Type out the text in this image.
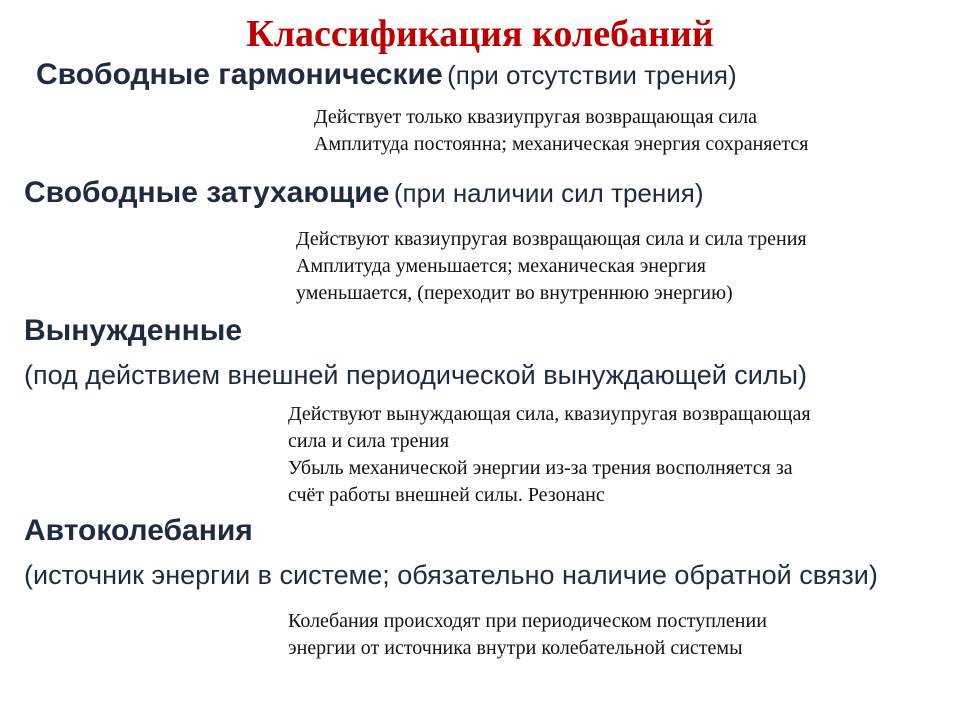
Классификация колебаний
Свободные гармонические (при отсутствии трения)
Действует только квазиупругая возвращающая сила
Амплитуда постоянна; механическая энергия сохраняется
Свободные затухающие (при наличии сил трения)
Действуют квазиупругая возвращающая сила и сила трения
Амплитуда уменьшается; механическая энергия
уменьшается, (переходит во внутреннюю энергию)
Вынужденные
(под действием внешней периодической вынуждающей силы)
Действуют вынуждающая сила, квазиупругая возвращающая
сила и сила трения
Убыль механической энергии из-за трения восполняется за
счёт работы внешней силы. Резонанс
Автоколебания
(источник энергии в системе; обязательно наличие обратной связи)
Колебания происходят при периодическом поступлении
энергии от источника внутри колебательной системы
